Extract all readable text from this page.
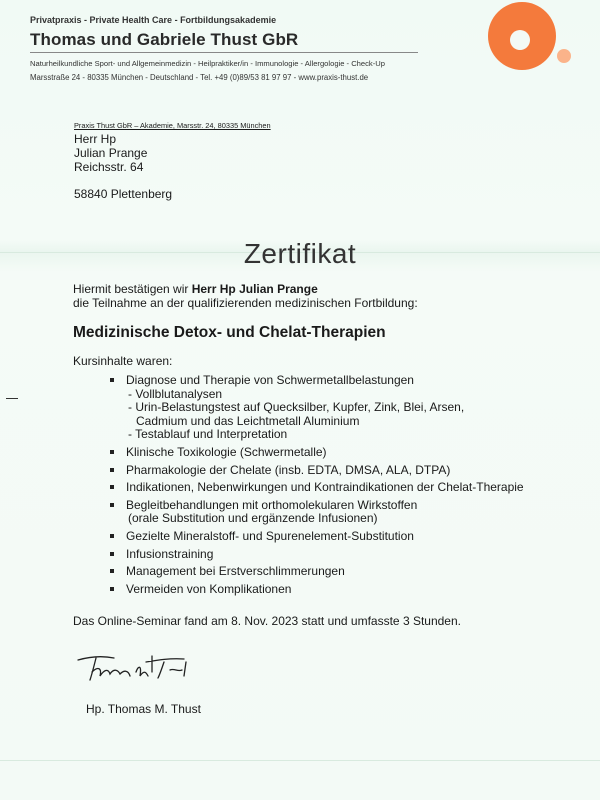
Privatpraxis - Private Health Care - Fortbildungsakademie
Thomas und Gabriele Thust GbR
Naturheilkundliche Sport- und Allgemeinmedizin - Heilpraktiker/in - Immunologie - Allergologie - Check-Up
Marsstraße 24 - 80335 München - Deutschland - Tel. +49 (0)89/53 81 97 97 - www.praxis-thust.de
Praxis Thust GbR – Akademie, Marsstr. 24, 80335 München
Herr Hp
Julian Prange
Reichsstr. 64
58840 Plettenberg
Zertifikat
Hiermit bestätigen wir Herr Hp Julian Prange
die Teilnahme an der qualifizierenden medizinischen Fortbildung:
Medizinische Detox- und Chelat-Therapien
Kursinhalte waren:
Diagnose und Therapie von Schwermetallbelastungen
- Vollblutanalysen
- Urin-Belastungstest auf Quecksilber, Kupfer, Zink, Blei, Arsen,
Cadmium und das Leichtmetall Aluminium
- Testablauf und Interpretation
Klinische Toxikologie (Schwermetalle)
Pharmakologie der Chelate (insb. EDTA, DMSA, ALA, DTPA)
Indikationen, Nebenwirkungen und Kontraindikationen der Chelat-Therapie
Begleitbehandlungen mit orthomolekularen Wirkstoffen
(orale Substitution und ergänzende Infusionen)
Gezielte Mineralstoff- und Spurenelement-Substitution
Infusionstraining
Management bei Erstverschlimmerungen
Vermeiden von Komplikationen
Das Online-Seminar fand am 8. Nov. 2023 statt und umfasste 3 Stunden.
Hp. Thomas M. Thust
